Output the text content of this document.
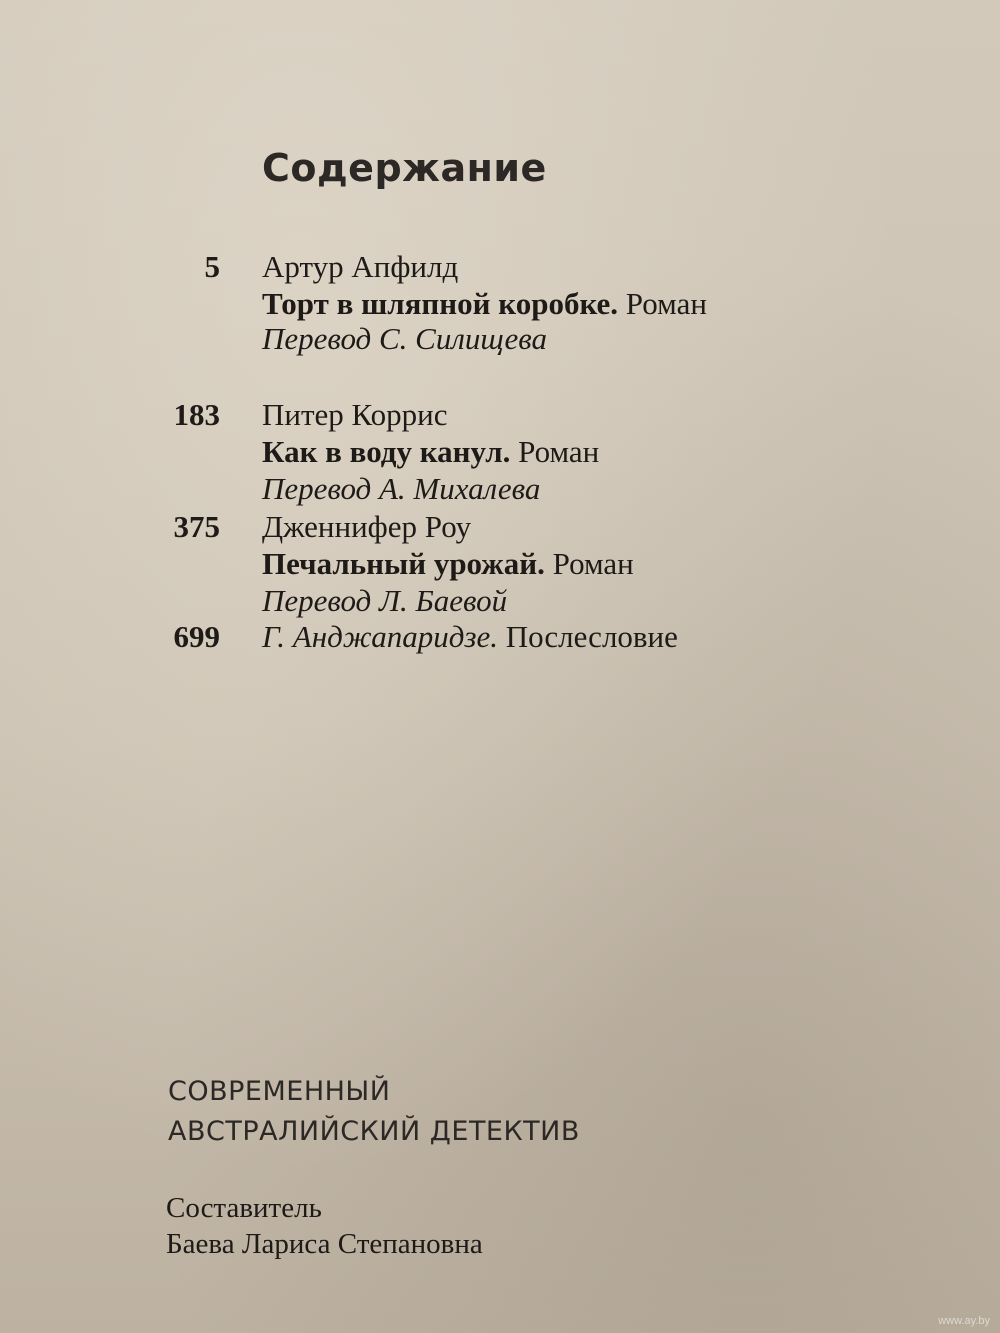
Содержание
5 Артур Апфилд
Торт в шляпной коробке. Роман
Перевод С. Силищева
183 Питер Коррис
Как в воду канул. Роман
Перевод А. Михалева
375 Дженнифер Роу
Печальный урожай. Роман
Перевод Л. Баевой
699 Г. Анджапаридзе. Послесловие
СОВРЕМЕННЫЙ
АВСТРАЛИЙСКИЙ ДЕТЕКТИВ
Составитель
Баева Лариса Степановна
www.ay.by
